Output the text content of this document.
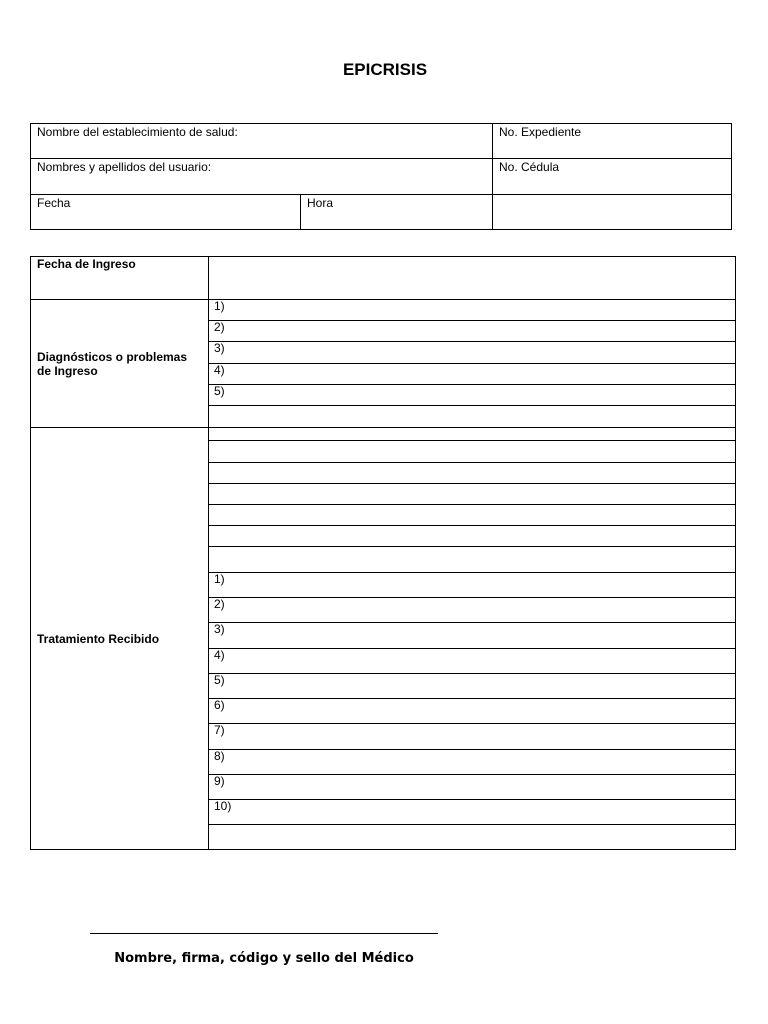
EPICRISIS
Nombre del establecimiento de salud:		No. Expediente
Nombres y apellidos del usuario:		No. Cédula
Fecha	Hora	
Fecha de Ingreso	
Diagnósticos o problemas de Ingreso	1)
	2)
	3)
	4)
	5)

Tratamiento Recibido	

	1)
	2)
	3)
	4)
	5)
	6)
	7)
	8)
	9)
	10)

Nombre, firma, código y sello del Médico
